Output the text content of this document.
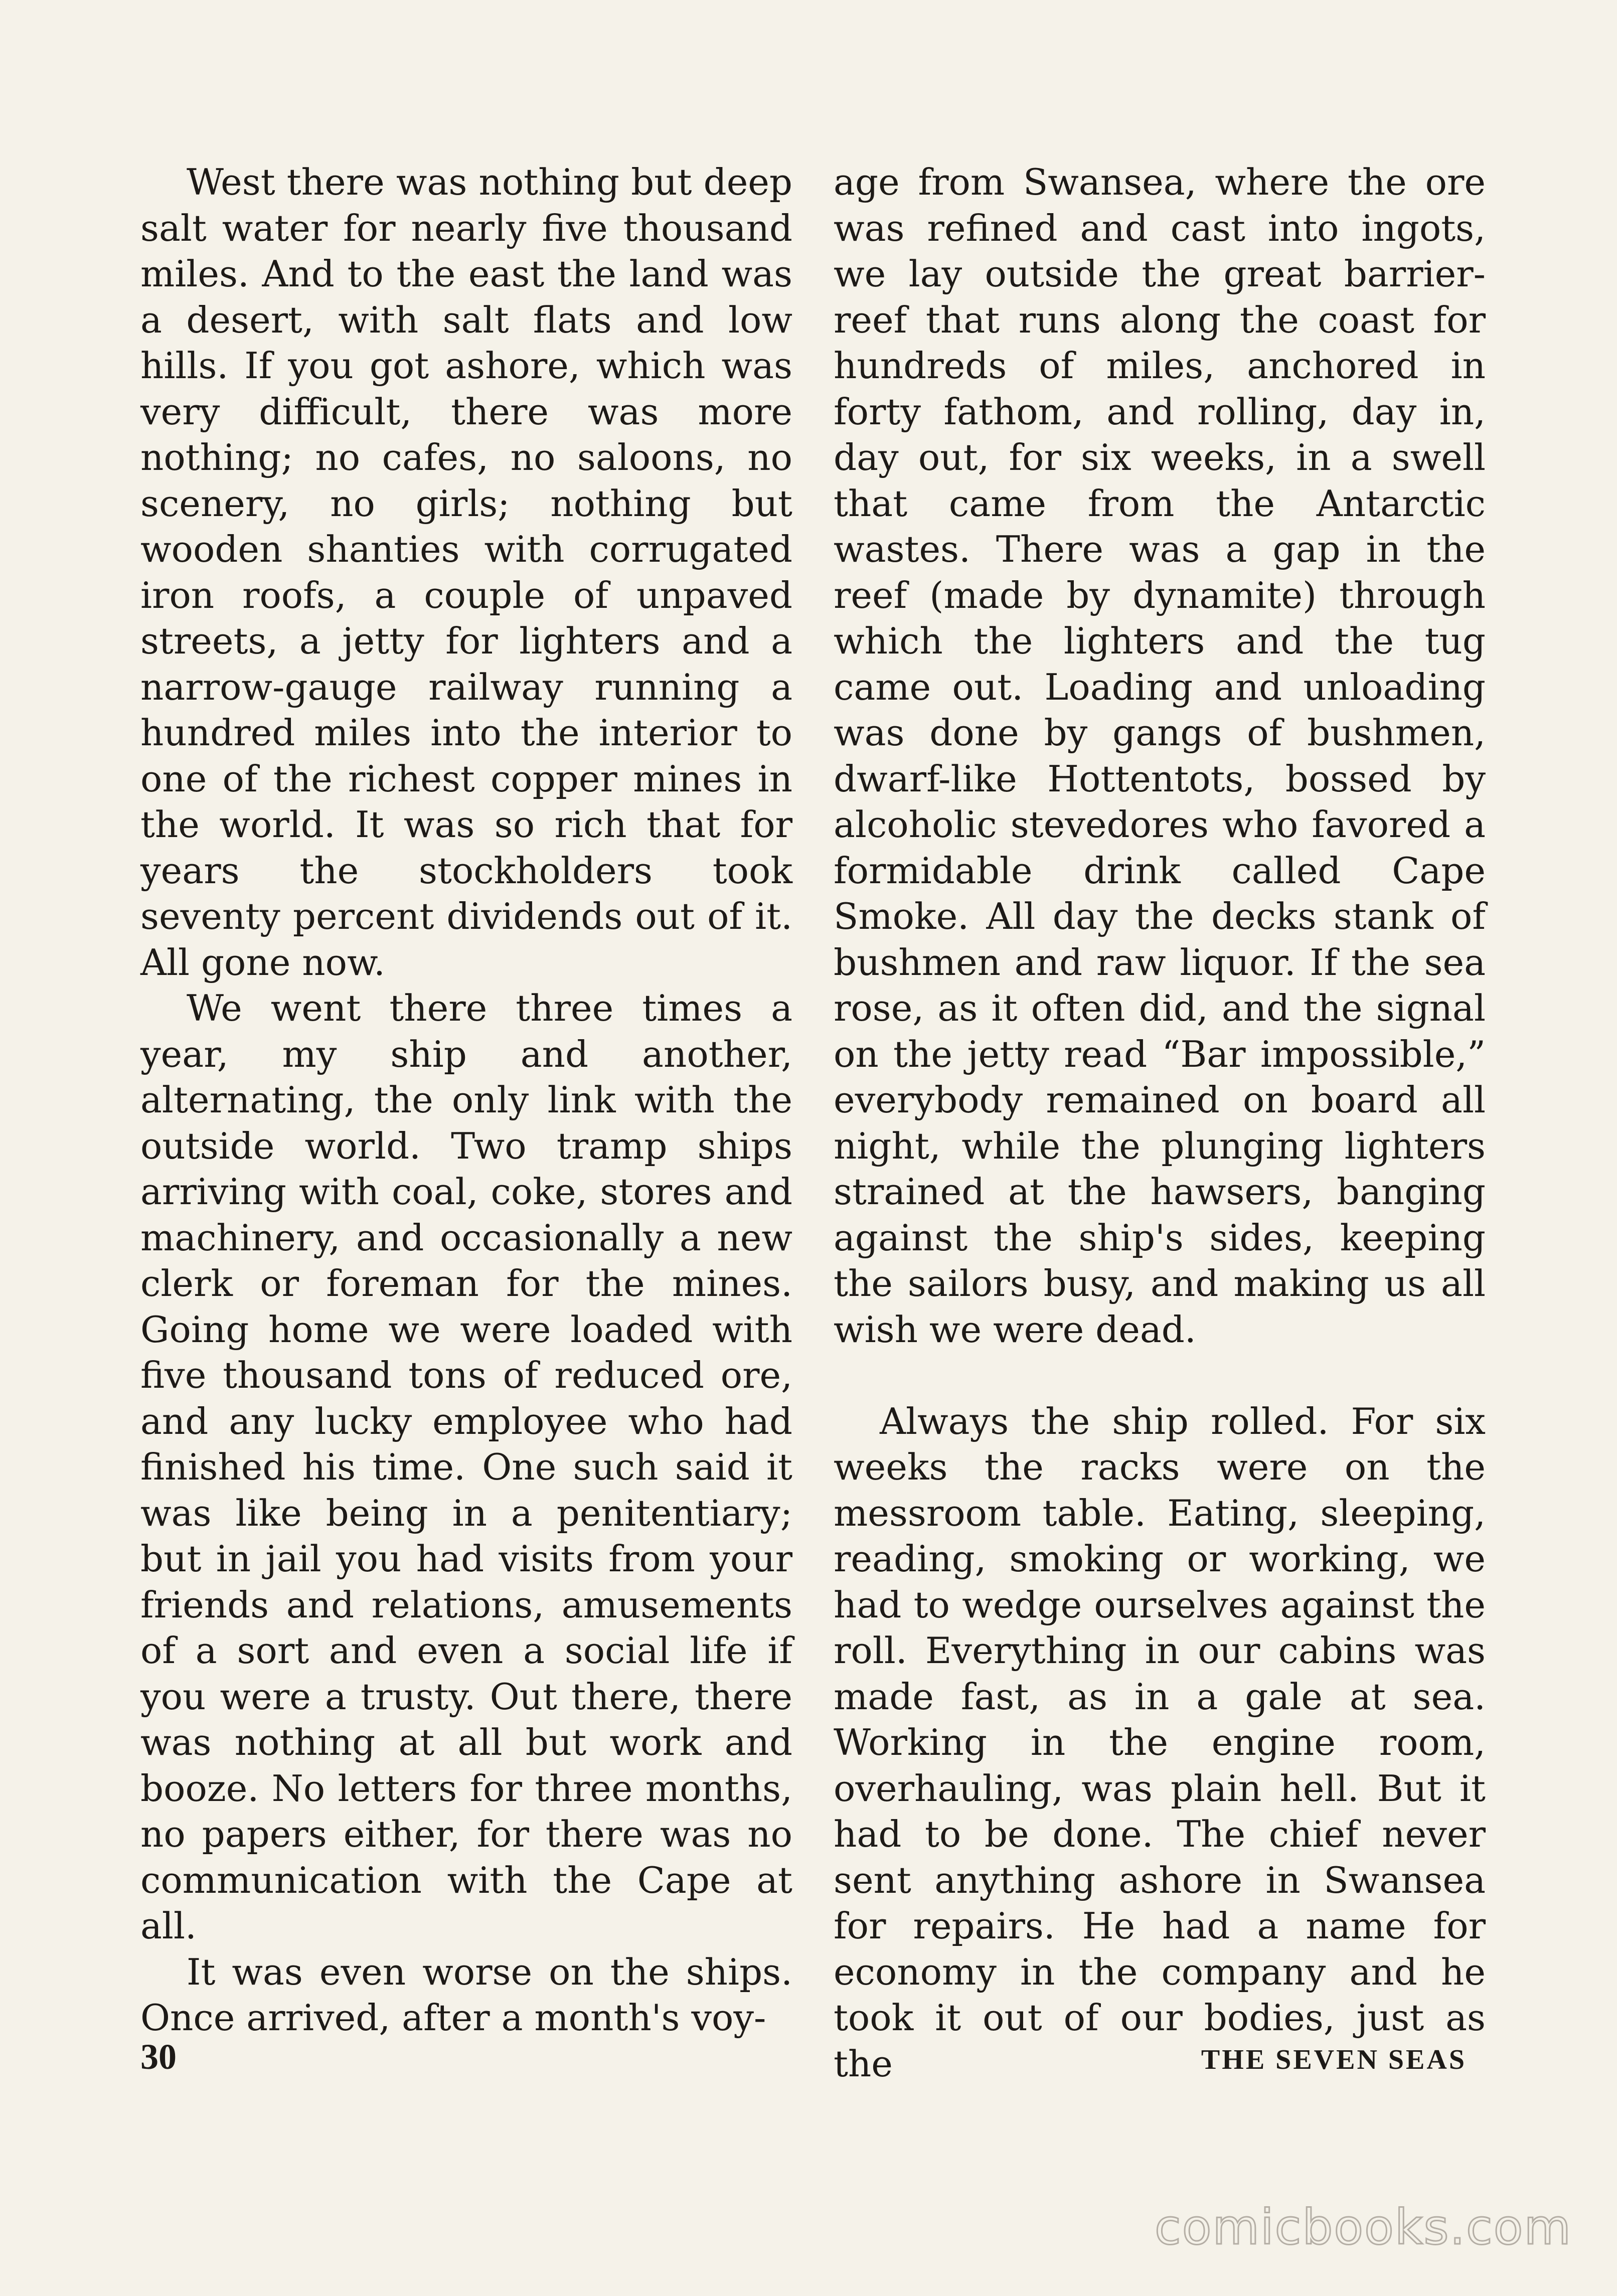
West there was nothing but deep salt water for nearly five thousand miles. And to the east the land was a desert, with salt flats and low hills. If you got ashore, which was very difficult, there was more nothing; no cafes, no saloons, no scenery, no girls; nothing but wooden shanties with corrugated iron roofs, a couple of unpaved streets, a jetty for lighters and a narrow-gauge railway running a hundred miles into the interior to one of the richest copper mines in the world. It was so rich that for years the stockholders took seventy percent dividends out of it. All gone now.

We went there three times a year, my ship and another, alternating, the only link with the outside world. Two tramp ships arriving with coal, coke, stores and machinery, and occasionally a new clerk or foreman for the mines. Going home we were loaded with five thousand tons of reduced ore, and any lucky employee who had finished his time. One such said it was like being in a penitentiary; but in jail you had visits from your friends and relations, amusements of a sort and even a social life if you were a trusty. Out there, there was nothing at all but work and booze. No letters for three months, no papers either, for there was no communication with the Cape at all.

It was even worse on the ships. Once arrived, after a month's voy-

age from Swansea, where the ore was refined and cast into ingots, we lay outside the great barrier-reef that runs along the coast for hundreds of miles, anchored in forty fathom, and rolling, day in, day out, for six weeks, in a swell that came from the Antarctic wastes. There was a gap in the reef (made by dynamite) through which the lighters and the tug came out. Loading and unloading was done by gangs of bushmen, dwarf-like Hottentots, bossed by alcoholic stevedores who favored a formidable drink called Cape Smoke. All day the decks stank of bushmen and raw liquor. If the sea rose, as it often did, and the signal on the jetty read “Bar impossible,” everybody remained on board all night, while the plunging lighters strained at the hawsers, banging against the ship's sides, keeping the sailors busy, and making us all wish we were dead.

Always the ship rolled. For six weeks the racks were on the messroom table. Eating, sleeping, reading, smoking or working, we had to wedge ourselves against the roll. Everything in our cabins was made fast, as in a gale at sea. Working in the engine room, overhauling, was plain hell. But it had to be done. The chief never sent anything ashore in Swansea for repairs. He had a name for economy in the company and he took it out of our bodies, just as the

30	THE SEVEN SEAS
comicbooks.com
